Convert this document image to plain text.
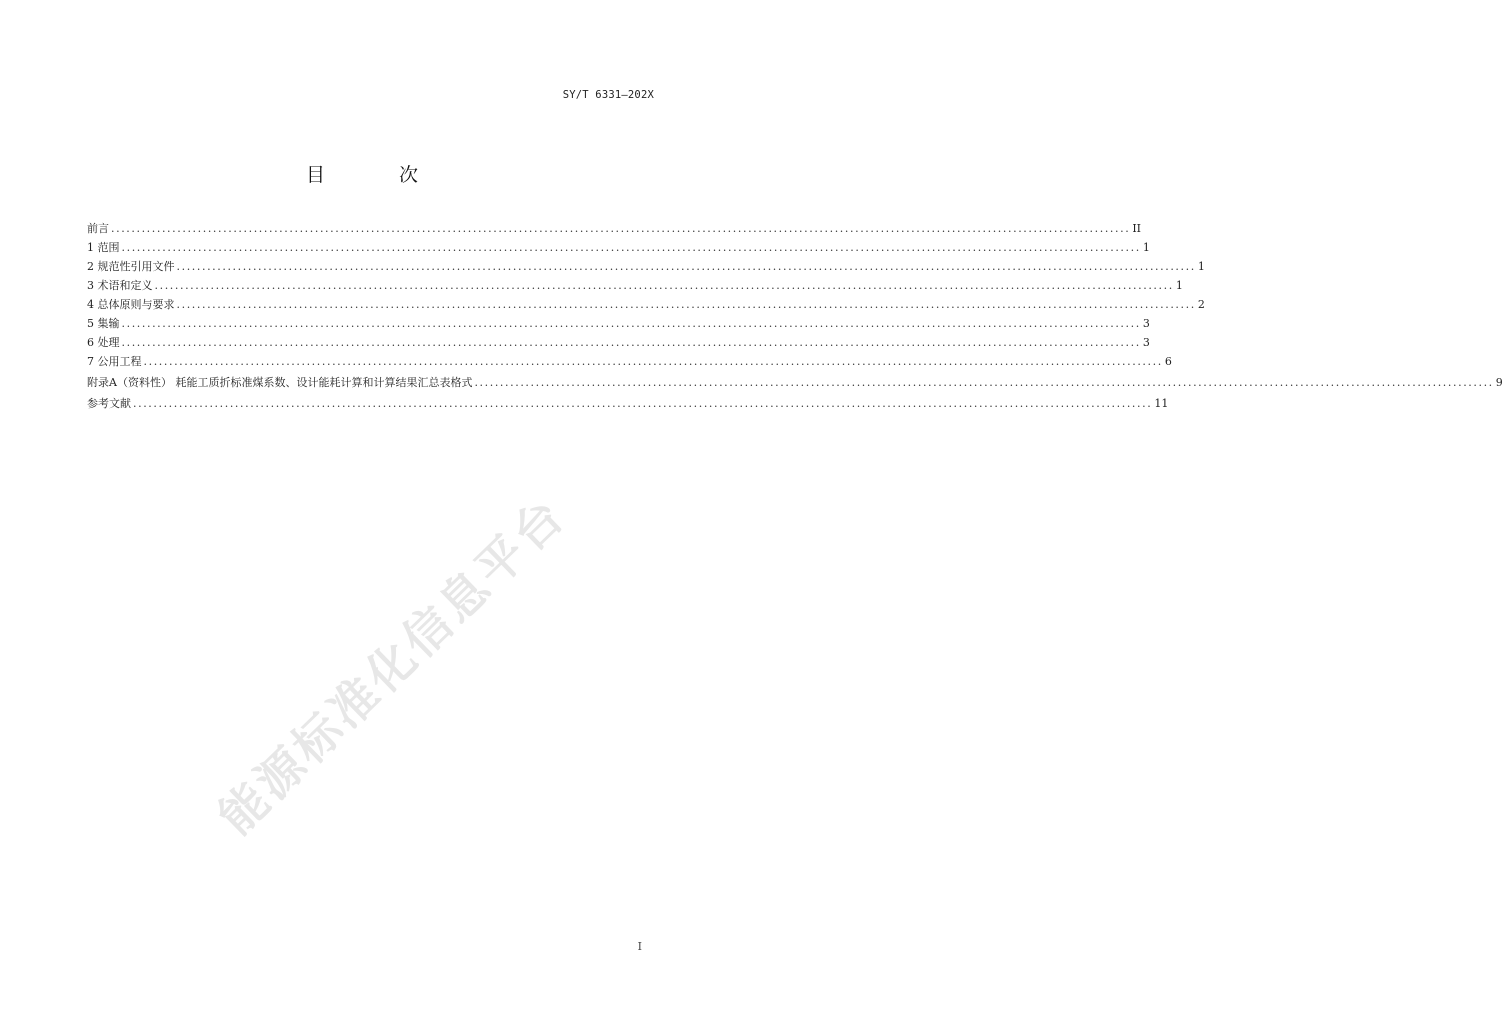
SY/T 6331—202X
目 次
前言 ........................................................................................................................................................................................................ II
1 范围 ........................................................................................................................................................................................................ 1
2 规范性引用文件 ........................................................................................................................................................................................................ 1
3 术语和定义 ........................................................................................................................................................................................................ 1
4 总体原则与要求 ........................................................................................................................................................................................................ 2
5 集输 ........................................................................................................................................................................................................ 3
6 处理 ........................................................................................................................................................................................................ 3
7 公用工程 ........................................................................................................................................................................................................ 6
附录A（资料性） 耗能工质折标准煤系数、设计能耗计算和计算结果汇总表格式 ........................................................................................................................................................................................................ 9
参考文献 ........................................................................................................................................................................................................ 11
能源标准化信息平台
I
